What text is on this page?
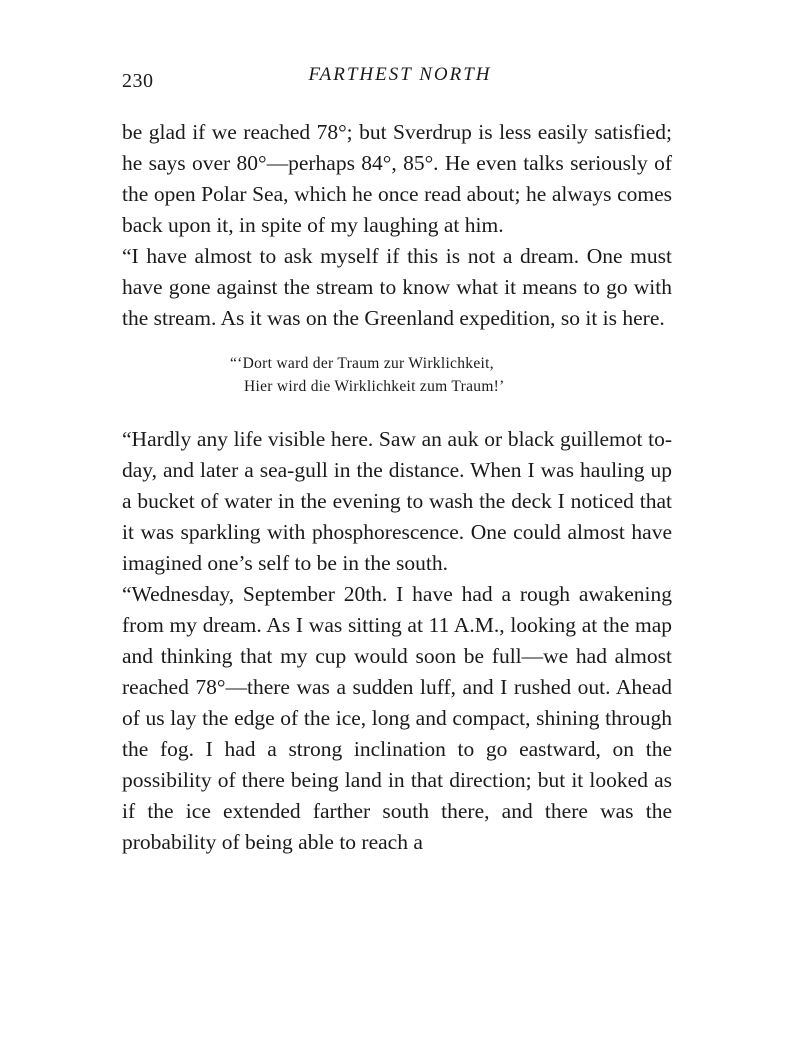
230	FARTHEST NORTH

be glad if we reached 78°; but Sverdrup is less easily satisfied; he says over 80°—perhaps 84°, 85°. He even talks seriously of the open Polar Sea, which he once read about; he always comes back upon it, in spite of my laughing at him.

“I have almost to ask myself if this is not a dream. One must have gone against the stream to know what it means to go with the stream. As it was on the Greenland expedition, so it is here.

“‘Dort ward der Traum zur Wirklichkeit,
Hier wird die Wirklichkeit zum Traum!’

“Hardly any life visible here. Saw an auk or black guillemot to-day, and later a sea-gull in the distance. When I was hauling up a bucket of water in the evening to wash the deck I noticed that it was sparkling with phosphorescence. One could almost have imagined one’s self to be in the south.

“Wednesday, September 20th. I have had a rough awakening from my dream. As I was sitting at 11 A.M., looking at the map and thinking that my cup would soon be full—we had almost reached 78°—there was a sudden luff, and I rushed out. Ahead of us lay the edge of the ice, long and compact, shining through the fog. I had a strong inclination to go eastward, on the possibility of there being land in that direction; but it looked as if the ice extended farther south there, and there was the probability of being able to reach a
